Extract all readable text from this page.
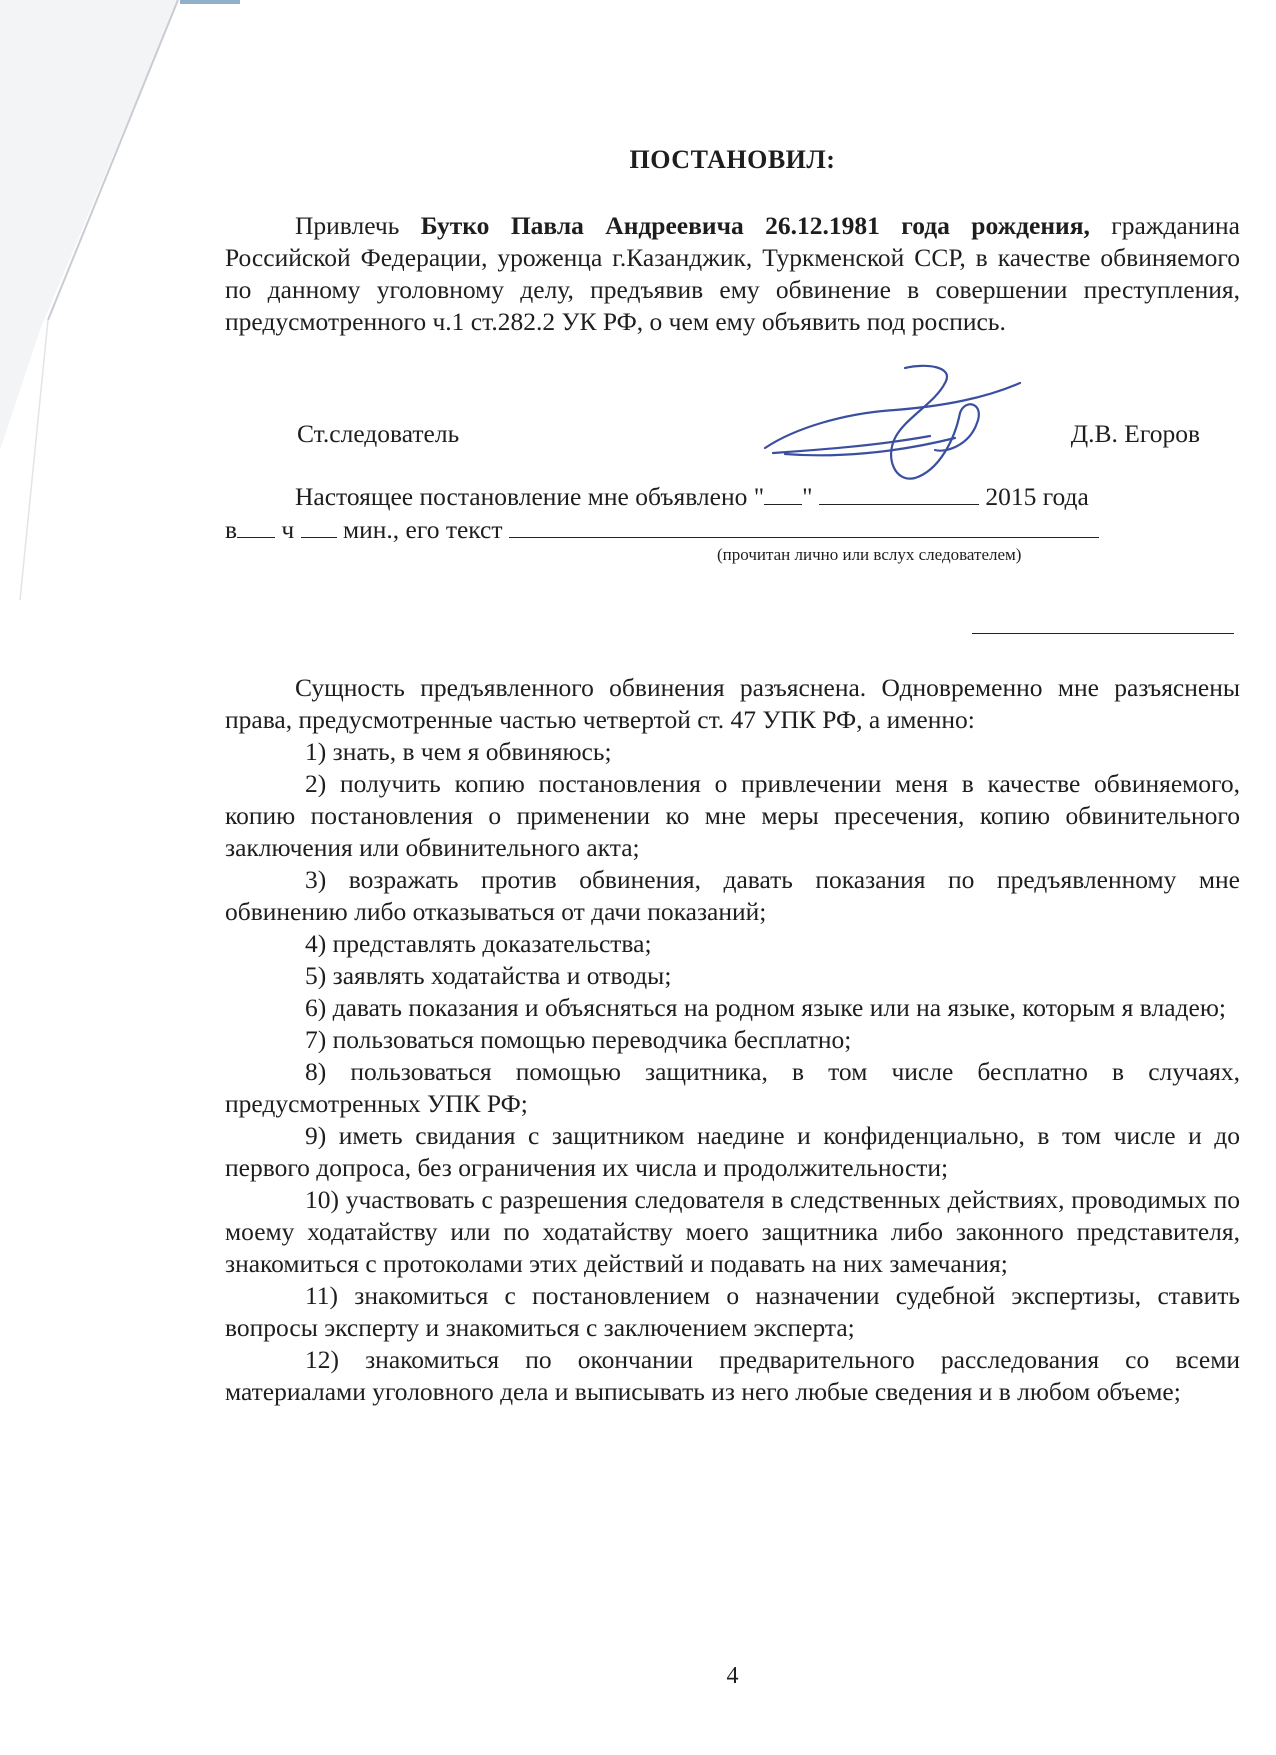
ПОСТАНОВИЛ:
Привлечь Бутко Павла Андреевича 26.12.1981 года рождения, гражданина Российской Федерации, уроженца г.Казанджик, Туркменской ССР, в качестве обвиняемого по данному уголовному делу, предъявив ему обвинение в совершении преступления, предусмотренного ч.1 ст.282.2 УК РФ, о чем ему объявить под роспись.
Ст.следователь	Д.В. Егоров
Настоящее постановление мне объявлено " "	2015 года
в ч  мин., его текст
(прочитан лично или вслух следователем)

Сущность предъявленного обвинения разъяснена. Одновременно мне разъяснены права, предусмотренные частью четвертой ст. 47 УПК РФ, а именно:

1) знать, в чем я обвиняюсь;

2) получить копию постановления о привлечении меня в качестве обвиняемого, копию постановления о применении ко мне меры пресечения, копию обвинительного заключения или обвинительного акта;

3) возражать против обвинения, давать показания по предъявленному мне обвинению либо отказываться от дачи показаний;

4) представлять доказательства;

5) заявлять ходатайства и отводы;

6) давать показания и объясняться на родном языке или на языке, которым я владею;

7) пользоваться помощью переводчика бесплатно;

8) пользоваться помощью защитника, в том числе бесплатно в случаях, предусмотренных УПК РФ;

9) иметь свидания с защитником наедине и конфиденциально, в том числе и до первого допроса, без ограничения их числа и продолжительности;

10) участвовать с разрешения следователя в следственных действиях, проводимых по моему ходатайству или по ходатайству моего защитника либо законного представителя, знакомиться с протоколами этих действий и подавать на них замечания;

11) знакомиться с постановлением о назначении судебной экспертизы, ставить вопросы эксперту и знакомиться с заключением эксперта;

12) знакомиться по окончании предварительного расследования со всеми материалами уголовного дела и выписывать из него любые сведения и в любом объеме;

4
